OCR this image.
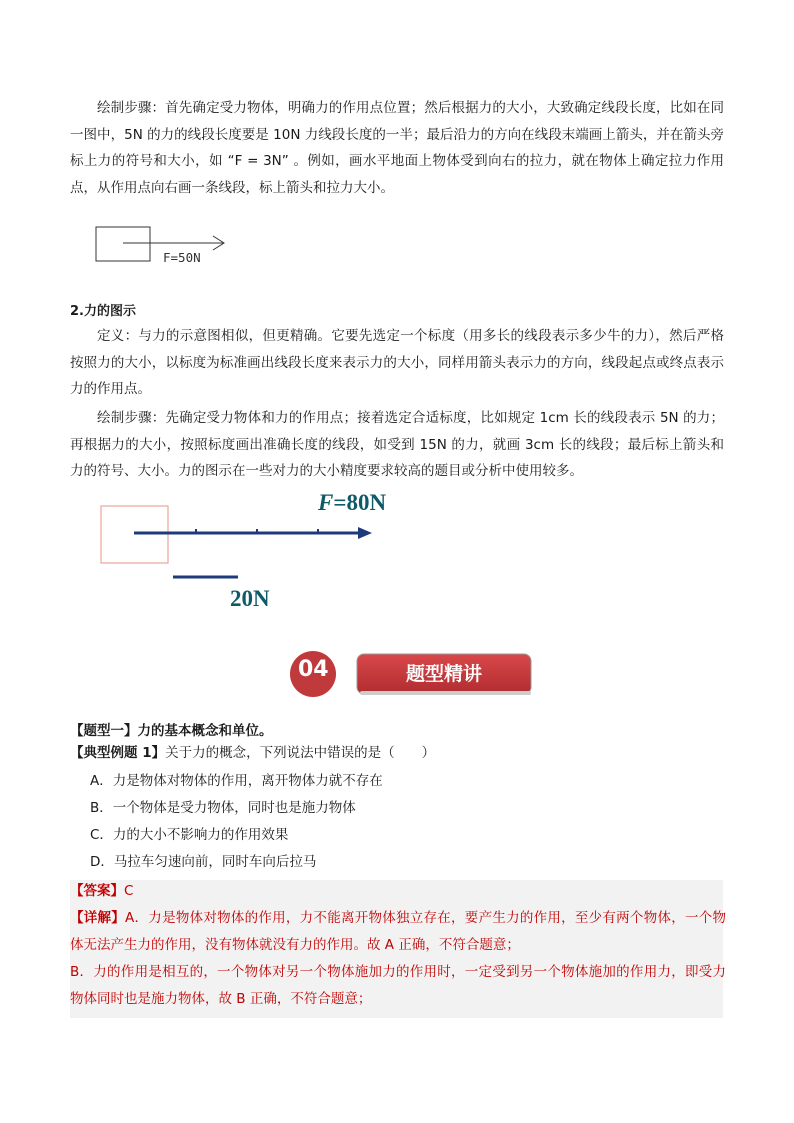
绘制步骤：首先确定受力物体，明确力的作用点位置；然后根据力的大小，大致确定线段长度，比如在同一图中，5N 的力的线段长度要是 10N 力线段长度的一半；最后沿力的方向在线段末端画上箭头，并在箭头旁标上力的符号和大小，如 “F = 3N” 。例如，画水平地面上物体受到向右的拉力，就在物体上确定拉力作用点，从作用点向右画一条线段，标上箭头和拉力大小。

F=50N

2.力的图示

定义：与力的示意图相似，但更精确。它要先选定一个标度（用多长的线段表示多少牛的力），然后严格按照力的大小，以标度为标准画出线段长度来表示力的大小，同样用箭头表示力的方向，线段起点或终点表示力的作用点。

绘制步骤：先确定受力物体和力的作用点；接着选定合适标度，比如规定 1cm 长的线段表示 5N 的力；再根据力的大小，按照标度画出准确长度的线段，如受到 15N 的力，就画 3cm 长的线段；最后标上箭头和力的符号、大小。力的图示在一些对力的大小精度要求较高的题目或分析中使用较多。

F=80N
20N
04	题型精讲

【题型一】力的基本概念和单位。

【典型例题 1】关于力的概念，下列说法中错误的是（　　）

A．力是物体对物体的作用，离开物体力就不存在

B．一个物体是受力物体，同时也是施力物体

C．力的大小不影响力的作用效果

D．马拉车匀速向前，同时车向后拉马

【答案】C

【详解】A．力是物体对物体的作用，力不能离开物体独立存在，要产生力的作用，至少有两个物体，一个物体无法产生力的作用，没有物体就没有力的作用。故 A 正确，不符合题意；

B．力的作用是相互的，一个物体对另一个物体施加力的作用时，一定受到另一个物体施加的作用力，即受力物体同时也是施力物体，故 B 正确，不符合题意；
